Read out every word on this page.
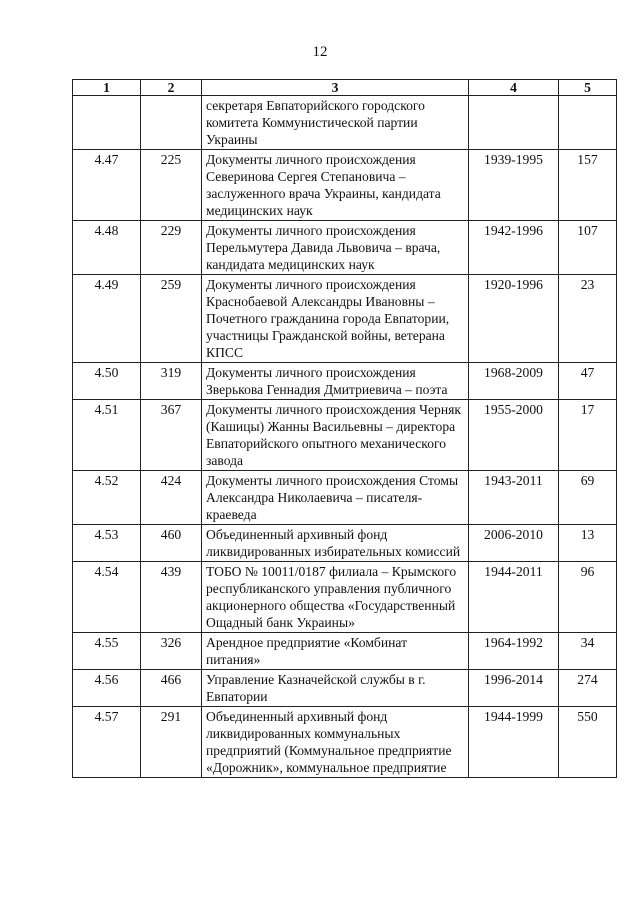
12
1	2	3	4	5
		секретаря Евпаторийского городского комитета Коммунистической партии Украины		
4.47	225	Документы личного происхождения Северинова Сергея Степановича – заслуженного врача Украины, кандидата медицинских наук	1939-1995	157
4.48	229	Документы личного происхождения Перельмутера Давида Львовича – врача, кандидата медицинских наук	1942-1996	107
4.49	259	Документы личного происхождения Краснобаевой Александры Ивановны – Почетного гражданина города Евпатории, участницы Гражданской войны, ветерана КПСС	1920-1996	23
4.50	319	Документы личного происхождения Зверькова Геннадия Дмитриевича – поэта	1968-2009	47
4.51	367	Документы личного происхождения Черняк (Кашицы) Жанны Васильевны – директора Евпаторийского опытного механического завода	1955-2000	17
4.52	424	Документы личного происхождения Стомы Александра Николаевича – писателя-краеведа	1943-2011	69
4.53	460	Объединенный архивный фонд ликвидированных избирательных комиссий	2006-2010	13
4.54	439	ТОБО № 10011/0187 филиала – Крымского республиканского управления публичного акционерного общества «Государственный Ощадный банк Украины»	1944-2011	96
4.55	326	Арендное предприятие «Комбинат питания»	1964-1992	34
4.56	466	Управление Казначейской службы в г. Евпатории	1996-2014	274
4.57	291	Объединенный архивный фонд ликвидированных коммунальных предприятий (Коммунальное предприятие «Дорожник», коммунальное предприятие	1944-1999	550
